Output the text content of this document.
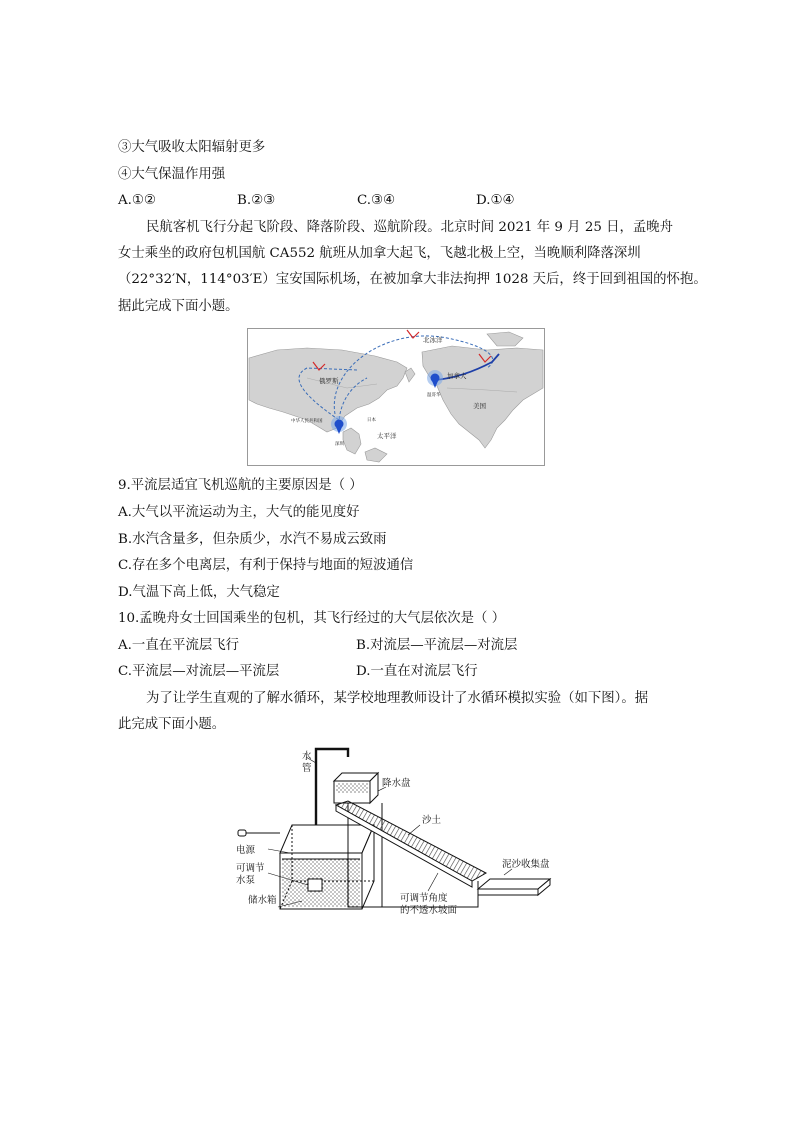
③大气吸收太阳辐射更多
④大气保温作用强
A.①②	B.②③	C.③④	D.①④
民航客机飞行分起飞阶段、降落阶段、巡航阶段。北京时间 2021 年 9 月 25 日，孟晚舟
女士乘坐的政府包机国航 CA552 航班从加拿大起飞，飞越北极上空，当晚顺利降落深圳
（22°32′N，114°03′E）宝安国际机场，在被加拿大非法拘押 1028 天后，终于回到祖国的怀抱。
据此完成下面小题。
北冰洋
俄罗斯
加拿大
温哥华
美国
日本
中华人民共和国
深圳
太平洋
9.平流层适宜飞机巡航的主要原因是（ ）
A.大气以平流运动为主，大气的能见度好
B.水汽含量多，但杂质少，水汽不易成云致雨
C.存在多个电离层，有利于保持与地面的短波通信
D.气温下高上低，大气稳定
10.孟晚舟女士回国乘坐的包机，其飞行经过的大气层依次是（ ）
A.一直在平流层飞行	B.对流层—平流层—对流层
C.平流层—对流层—平流层	D.一直在对流层飞行
为了让学生直观的了解水循环，某学校地理教师设计了水循环模拟实验（如下图）。据
此完成下面小题。
水
管
降水盘
沙土
电源
可调节
水泵
储水箱	可调节角度
的不透水坡面
泥沙收集盘
